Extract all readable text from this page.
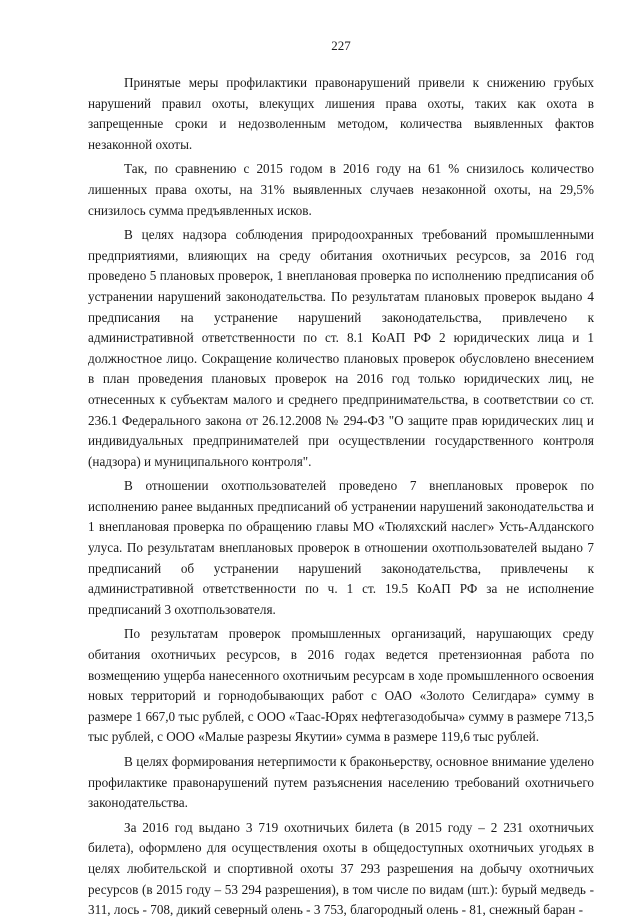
227

Принятые меры профилактики правонарушений привели к снижению грубых нарушений правил охоты, влекущих лишения права охоты, таких как охота в запрещенные сроки и недозволенным методом, количества выявленных фактов незаконной охоты.

Так, по сравнению с 2015 годом в 2016 году на 61 % снизилось количество лишенных права охоты, на 31% выявленных случаев незаконной охоты, на 29,5% снизилось сумма предъявленных исков.

В целях надзора соблюдения природоохранных требований промышленными предприятиями, влияющих на среду обитания охотничьих ресурсов, за 2016 год проведено 5 плановых проверок, 1 внеплановая проверка по исполнению предписания об устранении нарушений законодательства. По результатам плановых проверок выдано 4 предписания на устранение нарушений законодательства, привлечено к административной ответственности по ст. 8.1 КоАП РФ 2 юридических лица и 1 должностное лицо. Сокращение количество плановых проверок обусловлено внесением в план проведения плановых проверок на 2016 год только юридических лиц, не отнесенных к субъектам малого и среднего предпринимательства, в соответствии со ст. 236.1 Федерального закона от 26.12.2008 № 294-ФЗ "О защите прав юридических лиц и индивидуальных предпринимателей при осуществлении государственного контроля (надзора) и муниципального контроля".

В отношении охотпользователей проведено 7 внеплановых проверок по исполнению ранее выданных предписаний об устранении нарушений законодательства и 1 внеплановая проверка по обращению главы МО «Тюляхский наслег» Усть-Алданского улуса. По результатам внеплановых проверок в отношении охотпользователей выдано 7 предписаний об устранении нарушений законодательства, привлечены к административной ответственности по ч. 1 ст. 19.5 КоАП РФ за не исполнение предписаний 3 охотпользователя.

По результатам проверок промышленных организаций, нарушающих среду обитания охотничьих ресурсов, в 2016 годах ведется претензионная работа по возмещению ущерба нанесенного охотничьим ресурсам в ходе промышленного освоения новых территорий и горнодобывающих работ с ОАО «Золото Селигдара» сумму в размере 1 667,0 тыс рублей, с ООО «Таас-Юрях нефтегазодобыча» сумму в размере 713,5 тыс рублей, с ООО «Малые разрезы Якутии» сумма в размере 119,6 тыс рублей.

В целях формирования нетерпимости к браконьерству, основное внимание уделено профилактике правонарушений путем разъяснения населению требований охотничьего законодательства.

За 2016 год выдано 3 719 охотничьих билета (в 2015 году – 2 231 охотничьих билета), оформлено для осуществления охоты в общедоступных охотничьих угодьях в целях любительской и спортивной охоты 37 293 разрешения на добычу охотничьих ресурсов (в 2015 году – 53 294 разрешения), в том числе по видам (шт.): бурый медведь - 311, лось - 708, дикий северный олень - 3 753, благородный олень - 81, снежный баран -
